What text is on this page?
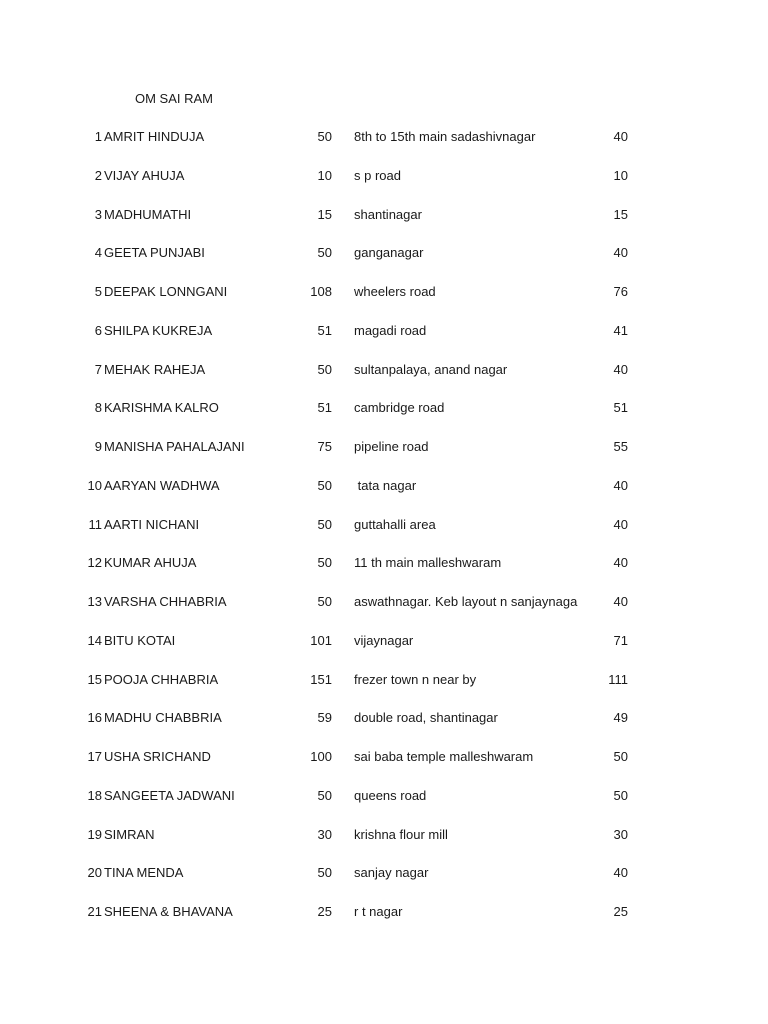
OM SAI RAM
1 AMRIT HINDUJA	50 8th to 15th main sadashivnagar	40
2 VIJAY AHUJA	10 s p road	10
3 MADHUMATHI	15 shantinagar	15
4 GEETA PUNJABI	50 ganganagar	40
5 DEEPAK LONNGANI	108 wheelers road	76
6 SHILPA KUKREJA	51 magadi road	41
7 MEHAK RAHEJA	50 sultanpalaya, anand nagar	40
8 KARISHMA KALRO	51 cambridge road	51
9 MANISHA PAHALAJANI	75 pipeline road	55
10 AARYAN WADHWA	50 tata nagar	40
11 AARTI NICHANI	50 guttahalli area	40
12 KUMAR AHUJA	50 11 th main malleshwaram	40
13 VARSHA CHHABRIA	50 aswathnagar. Keb layout n sanjaynaga	40
14 BITU KOTAI	101 vijaynagar	71
15 POOJA CHHABRIA	151 frezer town n near by	111
16 MADHU CHABBRIA	59 double road, shantinagar	49
17 USHA SRICHAND	100 sai baba temple malleshwaram	50
18 SANGEETA JADWANI	50 queens road	50
19 SIMRAN	30 krishna flour mill	30
20 TINA MENDA	50 sanjay nagar	40
21 SHEENA & BHAVANA	25 r t nagar	25
